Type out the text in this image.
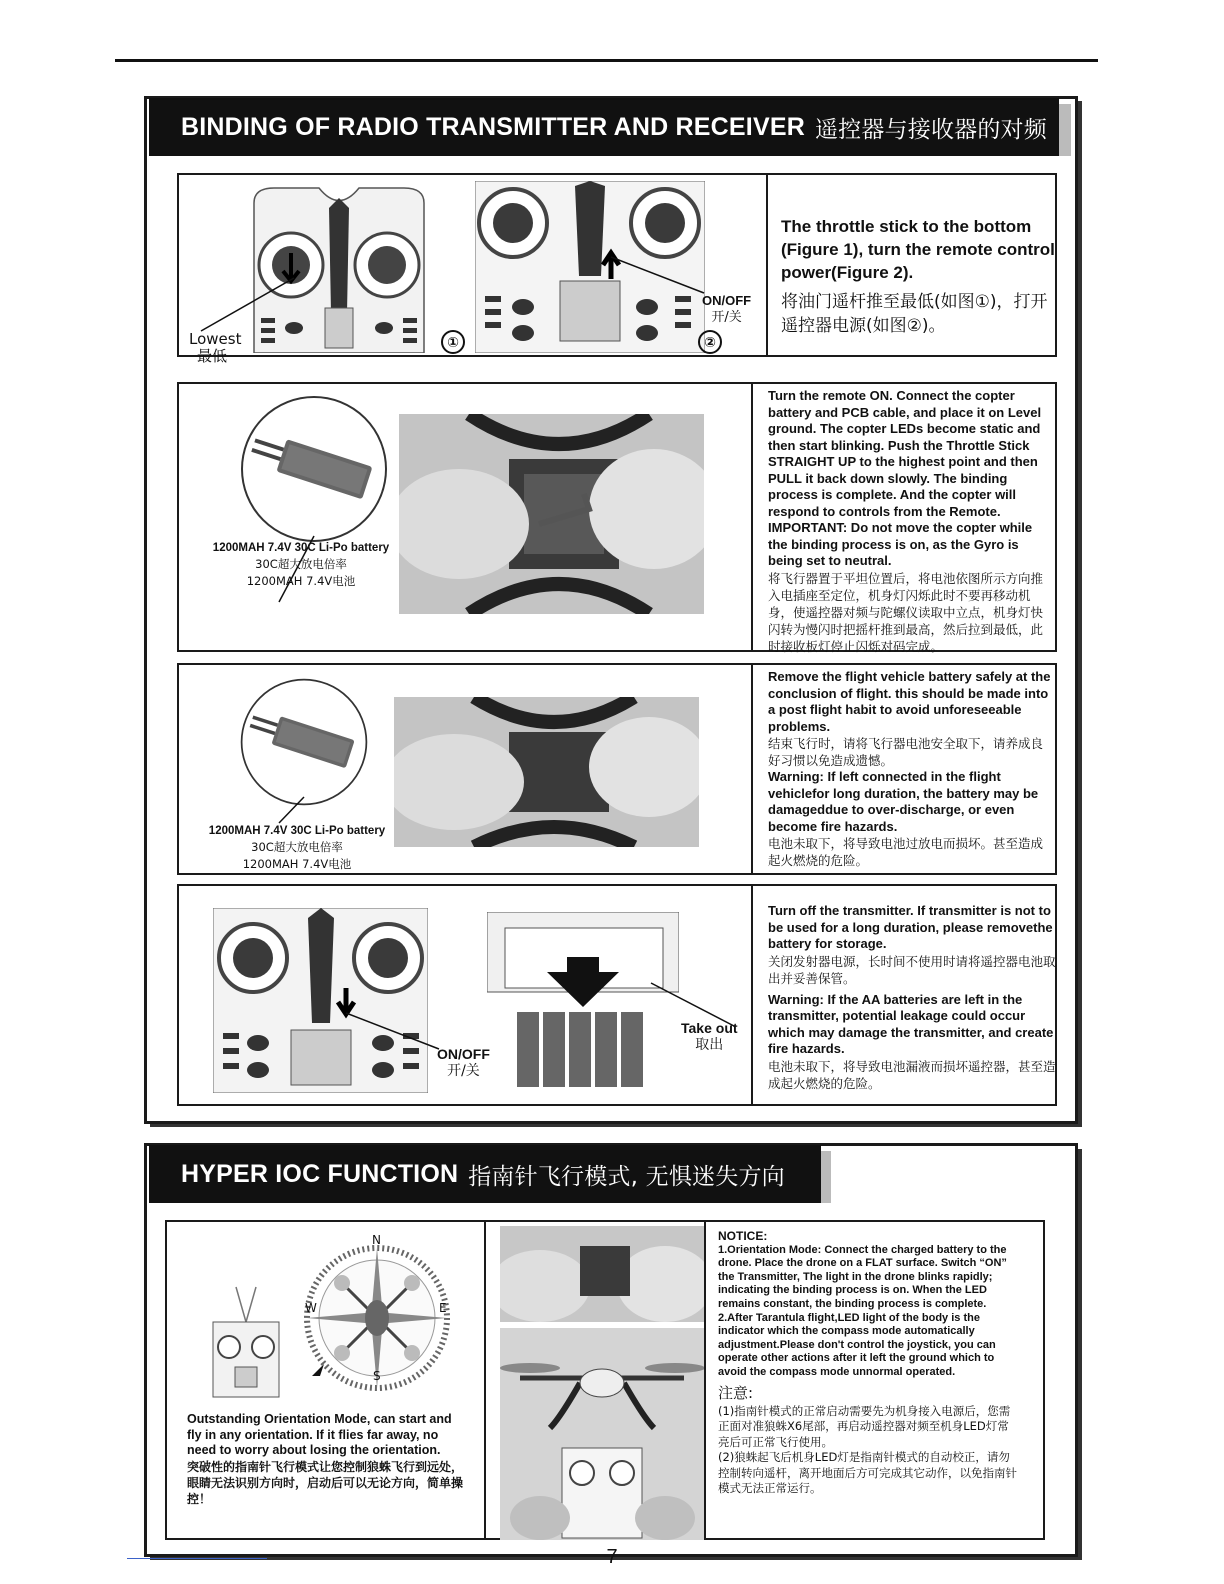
BINDING OF RADIO TRANSMITTER AND RECEIVER 遥控器与接收器的对频
Lowest
最低
①
ON/OFF
开/关
②

The throttle stick to the bottom (Figure 1), turn the remote control power(Figure 2).

将油门遥杆推至最低(如图①)，打开遥控器电源(如图②)。

1200MAH 7.4V 30C Li-Po battery
30C超大放电倍率
1200MAH 7.4V电池

Turn the remote ON. Connect the copter battery and PCB cable, and place it on Level ground. The copter LEDs become static and then start blinking. Push the Throttle Stick STRAIGHT UP to the highest point and then PULL it back down slowly. The binding process is complete. And the copter will respond to controls from the Remote. IMPORTANT: Do not move the copter while the binding process is on, as the Gyro is being set to neutral.

将飞行器置于平坦位置后，将电池依图所示方向推入电插座至定位，机身灯闪烁此时不要再移动机身，使遥控器对频与陀螺仪读取中立点，机身灯快闪转为慢闪时把摇杆推到最高，然后拉到最低，此时接收板灯停止闪烁对码完成。
1200MAH 7.4V 30C Li-Po battery
30C超大放电倍率
1200MAH 7.4V电池

Remove the flight vehicle battery safely at the conclusion of flight. this should be made into a post flight habit to avoid unforeseeable problems.

结束飞行时，请将飞行器电池安全取下，请养成良好习惯以免造成遗憾。

Warning: If left connected in the flight vehiclefor long duration, the battery may be damageddue to over-discharge, or even become fire hazards.

电池未取下，将导致电池过放电而损坏。甚至造成起火燃烧的危险。
ON/OFF
开/关
Take out
取出

Turn off the transmitter. If transmitter is not to be used for a long duration, please removethe battery for storage.

关闭发射器电源，长时间不使用时请将遥控器电池取出并妥善保管。

Warning: If the AA batteries are left in the transmitter, potential leakage could occur which may damage the transmitter, and create fire hazards.

电池未取下，将导致电池漏液而损坏遥控器，甚至造成起火燃烧的危险。
HYPER IOC FUNCTION 指南针飞行模式, 无惧迷失方向
N
S
W	E

Outstanding Orientation Mode, can start and fly in any orientation. If it flies far away, no need to worry about losing the orientation.

突破性的指南针飞行模式让您控制狼蛛飞行到远处，眼睛无法识别方向时，启动后可以无论方向，简单操控！

NOTICE:

1.Orientation Mode: Connect the charged battery to the drone. Place the drone on a FLAT surface. Switch “ON” the Transmitter, The light in the drone blinks rapidly; indicating the binding process is on. When the LED remains constant, the binding process is complete.

2.After Tarantula flight,LED light of the body is the indicator which the compass mode automatically adjustment.Please don't control the joystick, you can operate other actions after it left the ground which to avoid the compass mode unnormal operated.

注意:
(1)指南针模式的正常启动需要先为机身接入电源后，您需正面对准狼蛛X6尾部，再启动遥控器对频至机身LED灯常亮后可正常飞行使用。
(2)狼蛛起飞后机身LED灯是指南针模式的自动校正，请勿控制转向遥杆，离开地面后方可完成其它动作，以免指南针模式无法正常运行。
7
